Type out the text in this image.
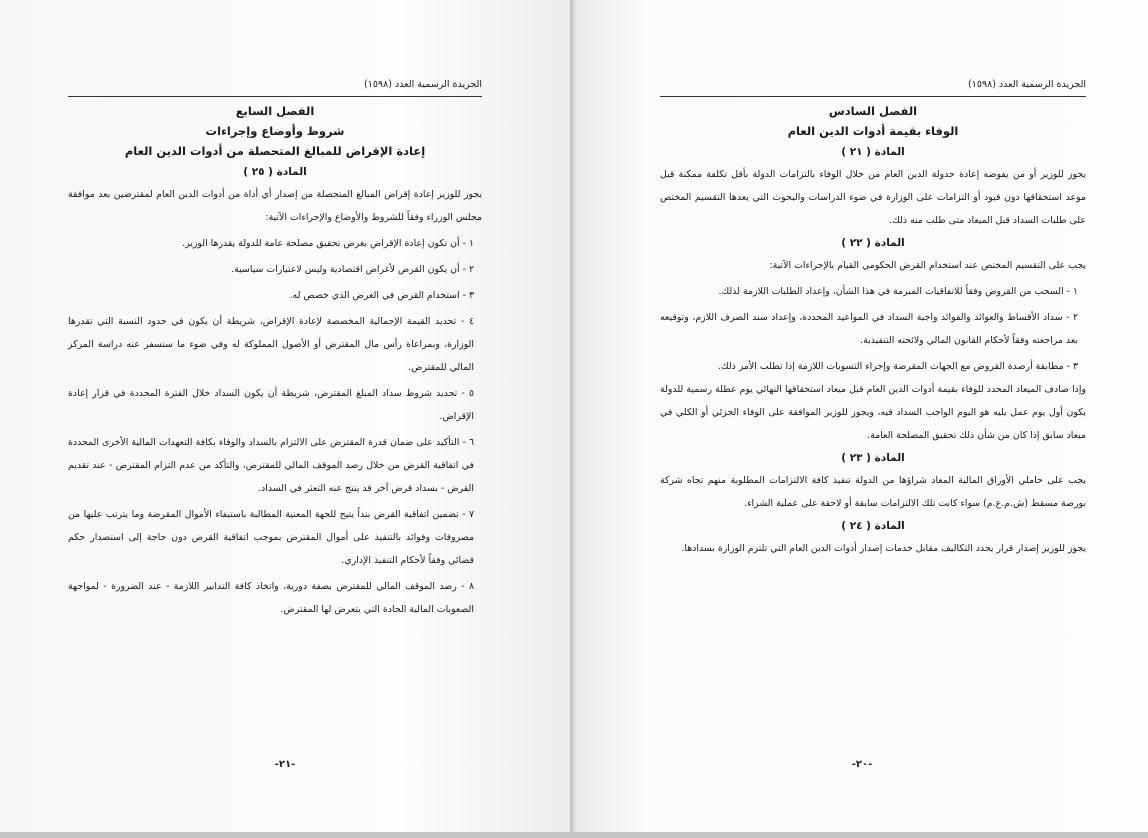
الجريدة الرسمية العدد (١٥٩٨)

الفصل السابع

شروط وأوضاع وإجراءات

إعادة الإقراض للمبالغ المتحصلة من أدوات الدين العام

المادة ( ٢٥ )

يجوز للوزير إعادة إقراض المبالغ المتحصلة من إصدار أي أداة من أدوات الدين العام لمقترضين بعد موافقة مجلس الوزراء وفقاً للشروط والأوضاع والإجراءات الآتية:

١ - أن تكون إعادة الإقراض بغرض تحقيق مصلحة عامة للدولة يقدرها الوزير.

٢ - أن يكون القرض لأغراض اقتصادية وليس لاعتبارات سياسية.

٣ - استخدام القرض في الغرض الذي خصص له.

٤ - تحديد القيمة الإجمالية المخصصة لإعادة الإقراض، شريطة أن يكون في حدود النسبة التي تقدرها الوزارة، وبمراعاة رأس مال المقترض أو الأصول المملوكة له وفي ضوء ما ستسفر عنه دراسة المركز المالي للمقترض.

٥ - تحديد شروط سداد المبلغ المقترض، شريطة أن يكون السداد خلال الفترة المحددة في قرار إعادة الإقراض.

٦ - التأكيد على ضمان قدرة المقترض على الالتزام بالسداد والوفاء بكافة التعهدات المالية الأخرى المحددة في اتفاقية القرض من خلال رصد الموقف المالي للمقترض، والتأكد من عدم التزام المقترض - عند تقديم القرض - بسداد قرض آخر قد ينتج عنه التعثر في السداد.

٧ - تضمين اتفاقية القرض بنداً يتيح للجهة المعنية المطالبة باستيفاء الأموال المقرضة وما يترتب عليها من مصروفات وفوائد بالتنفيذ على أموال المقترض بموجب اتفاقية القرض دون حاجة إلى استصدار حكم قضائي وفقاً لأحكام التنفيذ الإداري.

٨ - رصد الموقف المالي للمقترض بصفة دورية، واتخاذ كافة التدابير اللازمة - عند الضرورة - لمواجهة الصعوبات المالية الحادة التي يتعرض لها المقترض.

-٢١-
الجريدة الرسمية العدد (١٥٩٨)

الفصل السادس

الوفاء بقيمة أدوات الدين العام

المادة ( ٢١ )

يجوز للوزير أو من يفوضه إعادة جدولة الدين العام من خلال الوفاء بالتزامات الدولة بأقل تكلفة ممكنة قبل موعد استحقاقها دون قيود أو التزامات على الوزارة في ضوء الدراسات والبحوث التي يعدها التقسيم المختص على طلبات السداد قبل الميعاد متى طلب منه ذلك.

المادة ( ٢٢ )

يجب على التقسيم المختص عند استخدام القرض الحكومي القيام بالإجراءات الآتية:

١ - السحب من القروض وفقاً للاتفاقيات المبرمة في هذا الشأن، وإعداد الطلبات اللازمة لذلك.

٢ - سداد الأقساط والعوائد والفوائد واجبة السداد في المواعيد المحددة، وإعداد سند الصرف اللازم، وتوقيعه بعد مراجعته وفقاً لأحكام القانون المالي ولائحته التنفيذية.

٣ - مطابقة أرصدة القروض مع الجهات المقرضة وإجراء التسويات اللازمة إذا تطلب الأمر ذلك.

وإذا صادف الميعاد المحدد للوفاء بقيمة أدوات الدين العام قبل ميعاد استحقاقها النهائي يوم عطلة رسمية للدولة يكون أول يوم عمل يليه هو اليوم الواجب السداد فيه، ويجوز للوزير الموافقة على الوفاء الجزئي أو الكلي في ميعاد سابق إذا كان من شأن ذلك تحقيق المصلحة العامة.

المادة ( ٢٣ )

يجب على حاملي الأوراق المالية المعاد شراؤها من الدولة تنفيذ كافة الالتزامات المطلوبة منهم تجاه شركة بورصة مسقط (ش.م.ع.م) سواء كانت تلك الالتزامات سابقة أو لاحقة على عملية الشراء.

المادة ( ٢٤ )

يجوز للوزير إصدار قرار يحدد التكاليف مقابل خدمات إصدار أدوات الدين العام التي تلتزم الوزارة بسدادها.

-٢٠-
